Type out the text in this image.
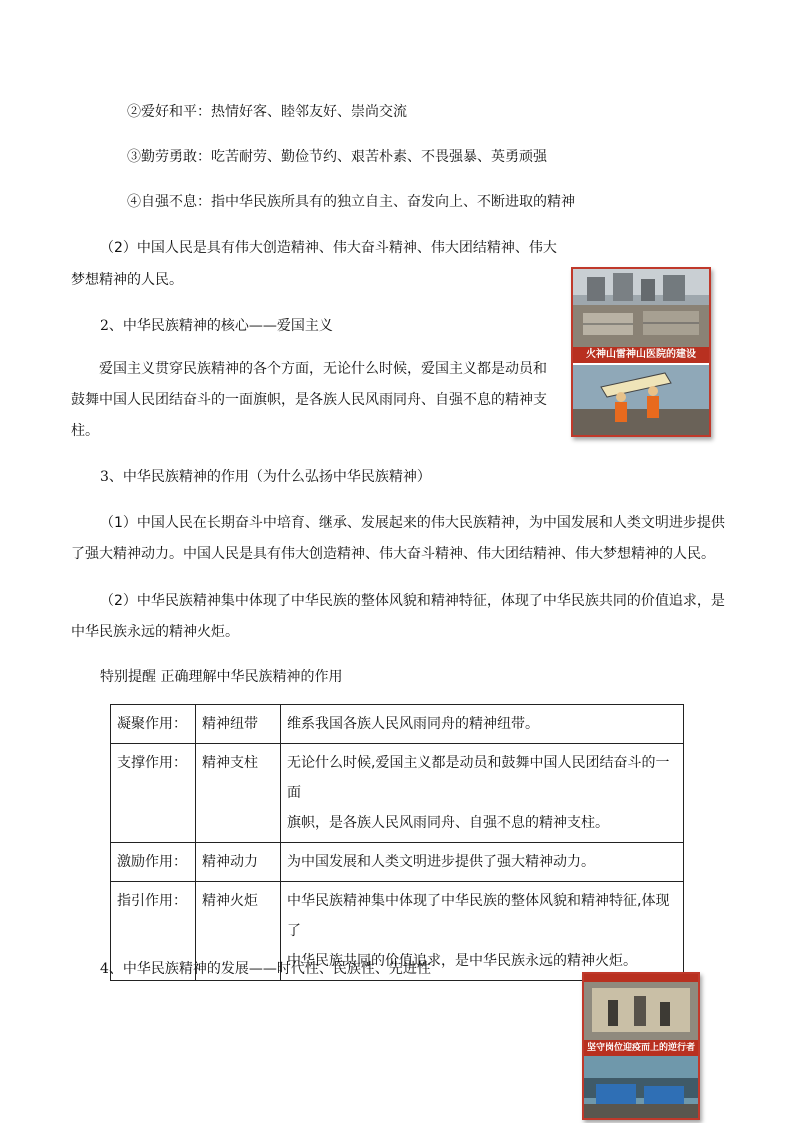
②爱好和平：热情好客、睦邻友好、崇尚交流
③勤劳勇敢：吃苦耐劳、勤俭节约、艰苦朴素、不畏强暴、英勇顽强
④自强不息：指中华民族所具有的独立自主、奋发向上、不断进取的精神
（2）中国人民是具有伟大创造精神、伟大奋斗精神、伟大团结精神、伟大
梦想精神的人民。
2、中华民族精神的核心——爱国主义
爱国主义贯穿民族精神的各个方面，无论什么时候，爱国主义都是动员和
鼓舞中国人民团结奋斗的一面旗帜，是各族人民风雨同舟、自强不息的精神支
柱。
3、中华民族精神的作用（为什么弘扬中华民族精神）
（1）中国人民在长期奋斗中培育、继承、发展起来的伟大民族精神，为中国发展和人类文明进步提供
了强大精神动力。中国人民是具有伟大创造精神、伟大奋斗精神、伟大团结精神、伟大梦想精神的人民。
（2）中华民族精神集中体现了中华民族的整体风貌和精神特征，体现了中华民族共同的价值追求，是
中华民族永远的精神火炬。
特别提醒 正确理解中华民族精神的作用
凝聚作用：	精神纽带	维系我国各族人民风雨同舟的精神纽带。

支撑作用：	精神支柱	无论什么时候,爱国主义都是动员和鼓舞中国人民团结奋斗的一面
旗帜，是各族人民风雨同舟、自强不息的精神支柱。

激励作用：	精神动力	为中国发展和人类文明进步提供了强大精神动力。

指引作用：	精神火炬	中华民族精神集中体现了中华民族的整体风貌和精神特征,体现了
中华民族共同的价值追求，是中华民族永远的精神火炬。
4、中华民族精神的发展——时代性、民族性、先进性
火神山雷神山医院的建设
坚守岗位迎疫而上的逆行者
